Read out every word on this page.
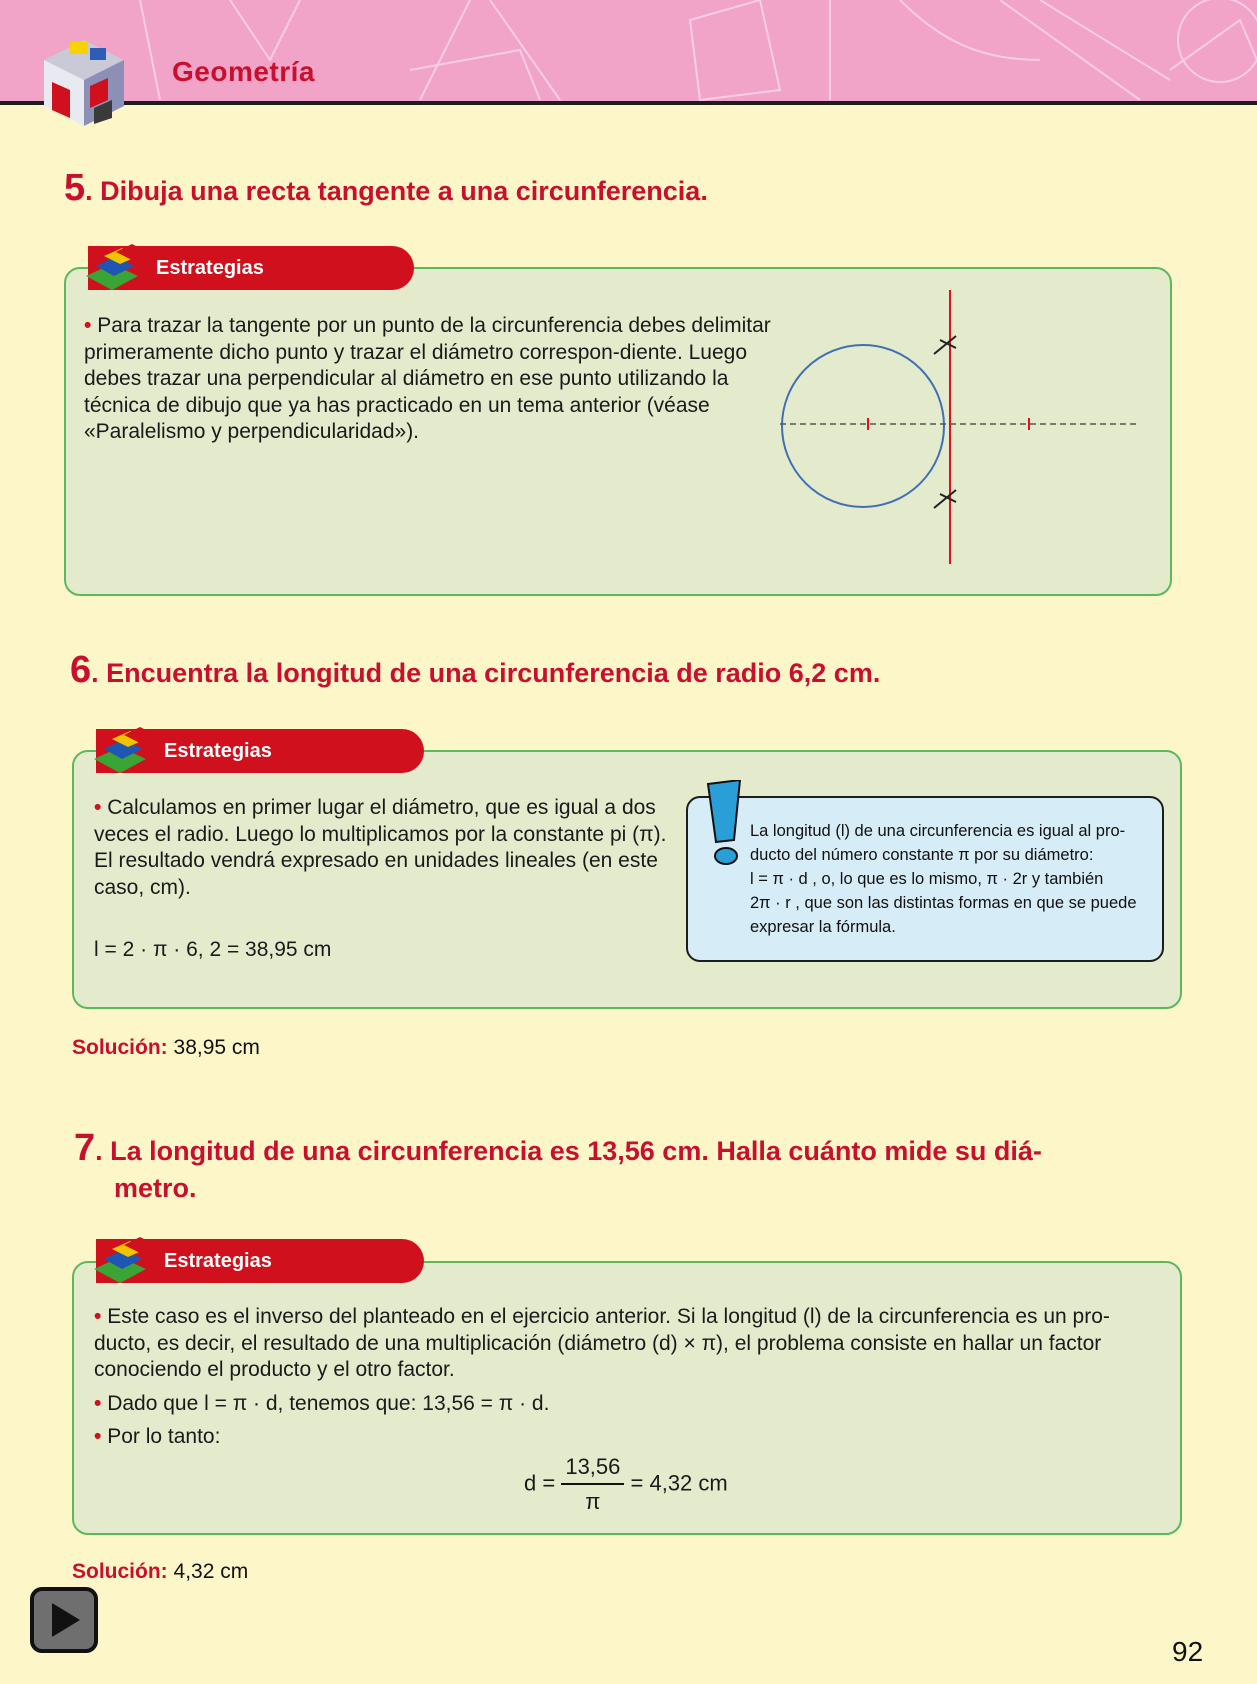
Geometría
5. Dibuja una recta tangente a una circunferencia.
Estrategias
• Para trazar la tangente por un punto de la circunferencia debes delimitar primeramente dicho punto y trazar el diámetro correspon-diente. Luego debes trazar una perpendicular al diámetro en ese punto utilizando la técnica de dibujo que ya has practicado en un tema anterior (véase «Paralelismo y perpendicularidad»).
6. Encuentra la longitud de una circunferencia de radio 6,2 cm.
Estrategias
• Calculamos en primer lugar el diámetro, que es igual a dos veces el radio. Luego lo multiplicamos por la constante pi (π). El resultado vendrá expresado en unidades lineales (en este caso, cm).
l = 2 · π · 6, 2 = 38,95 cm
La longitud (l) de una circunferencia es igual al pro-
ducto del número constante π por su diámetro:
l = π · d , o, lo que es lo mismo, π · 2r y también
2π · r , que son las distintas formas en que se puede
expresar la fórmula.
Solución: 38,95 cm
7. La longitud de una circunferencia es 13,56 cm. Halla cuánto mide su diá-
metro.
Estrategias
• Este caso es el inverso del planteado en el ejercicio anterior. Si la longitud (l) de la circunferencia es un pro-ducto, es decir, el resultado de una multiplicación (diámetro (d) × π), el problema consiste en hallar un factor conociendo el producto y el otro factor.
• Dado que l = π · d, tenemos que: 13,56 = π · d.
• Por lo tanto:
$d = \frac{13,56}{\pi} = 4,32$ cm
Solución: 4,32 cm
92
